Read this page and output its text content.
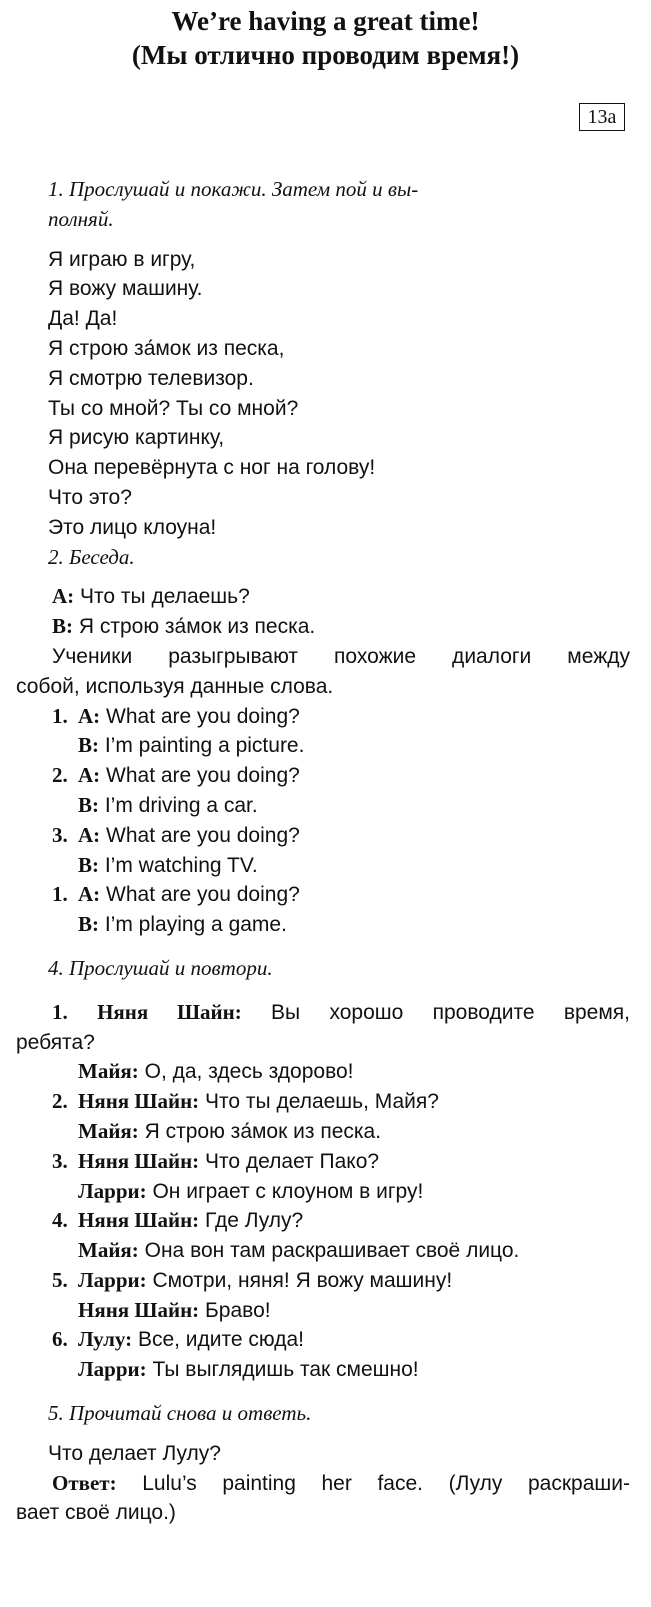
We’re having a great time!
(Мы отлично проводим время!)
13a
1. Прослушай и покажи. Затем пой и вы-
полняй.
Я играю в игру,
Я вожу машину.
Да! Да!
Я строю за́мок из песка,
Я смотрю телевизор.
Ты со мной? Ты со мной?
Я рисую картинку,
Она перевёрнута с ног на голову!
Что это?
Это лицо клоуна!
2. Беседа.
A: Что ты делаешь?
B: Я строю за́мок из песка.
Ученики разыгрывают похожие диалоги между
собой, используя данные слова.
1. A: What are you doing?
B: I’m painting a picture.
2. A: What are you doing?
B: I’m driving a car.
3. A: What are you doing?
B: I’m watching TV.
1. A: What are you doing?
B: I’m playing a game.
4. Прослушай и повтори.
1. Няня Шайн: Вы хорошо проводите время,
ребята?
Майя: О, да, здесь здорово!
2. Няня Шайн: Что ты делаешь, Майя?
Майя: Я строю за́мок из песка.
3. Няня Шайн: Что делает Пако?
Ларри: Он играет с клоуном в игру!
4. Няня Шайн: Где Лулу?
Майя: Она вон там раскрашивает своё лицо.
5. Ларри: Смотри, няня! Я вожу машину!
Няня Шайн: Браво!
6. Лулу: Все, идите сюда!
Ларри: Ты выглядишь так смешно!
5. Прочитай снова и ответь.
Что делает Лулу?
Ответ: Lulu’s painting her face. (Лулу раскраши-
вает своё лицо.)
